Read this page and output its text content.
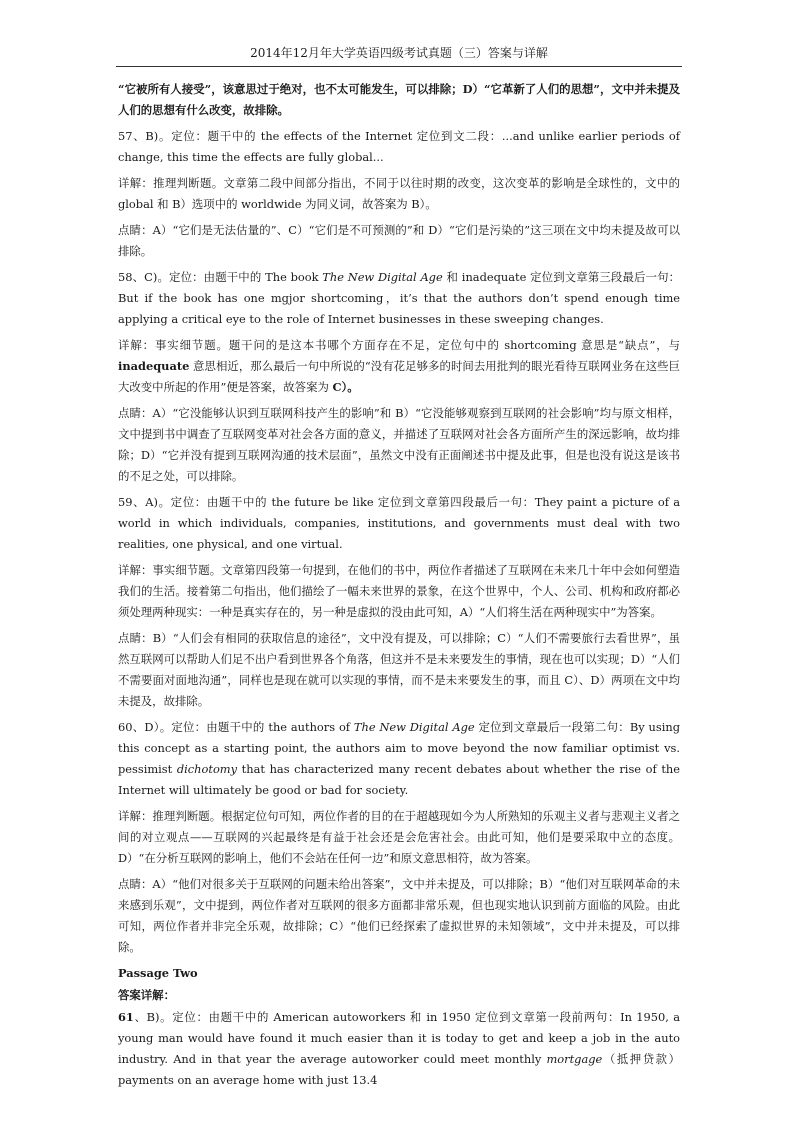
2014年12月年大学英语四级考试真题（三）答案与详解

“它被所有人接受”，该意思过于绝对，也不太可能发生，可以排除；D）“它革新了人们的思想”，文中并未提及人们的思想有什么改变，故排除。

57、B)。定位：题干中的 the effects of the Internet 定位到文二段：...and unlike earlier periods of change, this time the effects are fully global...

详解：推理判断题。文章第二段中间部分指出，不同于以往时期的改变，这次变革的影响是全球性的，文中的 global 和 B）选项中的 worldwide 为同义词，故答案为 B）。

点睛：A）“它们是无法估量的”、C）“它们是不可预测的”和 D）“它们是污染的”这三项在文中均未提及故可以排除。

58、C)。定位：由题干中的 The book The New Digital Age 和 inadequate 定位到文章第三段最后一句：But if the book has one mgjor shortcoming，it’s that the authors don’t spend enough time applying a critical eye to the role of Internet businesses in these sweeping changes.

详解：事实细节题。题干问的是这本书哪个方面存在不足，定位句中的 shortcoming 意思是“缺点”，与 inadequate 意思相近，那么最后一句中所说的“没有花足够多的时间去用批判的眼光看待互联网业务在这些巨大改变中所起的作用”便是答案，故答案为 C）。

点睛：A）“它没能够认识到互联网科技产生的影响”和 B）“它没能够观察到互联网的社会影响”均与原文相样，文中提到书中调查了互联网变革对社会各方面的意义，并描述了互联网对社会各方面所产生的深远影响，故均排除；D）“它并没有提到互联网沟通的技术层面”，虽然文中没有正面阐述书中提及此事，但是也没有说这是该书的不足之处，可以排除。

59、A)。定位：由题干中的 the future be like 定位到文章第四段最后一句：They paint a picture of a world in which individuals, companies, institutions, and governments must deal with two realities, one physical, and one virtual.

详解：事实细节题。文章第四段第一句提到，在他们的书中，两位作者描述了互联网在未来几十年中会如何塑造我们的生活。接着第二句指出，他们描绘了一幅未来世界的景象，在这个世界中，个人、公司、机构和政府都必须处理两种现实：一种是真实存在的，另一种是虚拟的没由此可知，A）“人们将生活在两种现实中”为答案。

点睛：B）“人们会有相同的获取信息的途径”，文中没有提及，可以排除；C）“人们不需要旅行去看世界”，虽然互联网可以帮助人们足不出户看到世界各个角落，但这并不是未来要发生的事情，现在也可以实现；D）“人们不需要面对面地沟通”，同样也是现在就可以实现的事情，而不是未来要发生的事，而且 C）、D）两项在文中均未提及，故排除。

60、D）。定位：由题干中的 the authors of The New Digital Age 定位到文章最后一段第二句：By using this concept as a starting point, the authors aim to move beyond the now familiar optimist vs. pessimist dichotomy that has characterized many recent debates about whether the rise of the Internet will ultimately be good or bad for society.

详解：推理判断题。根据定位句可知，两位作者的目的在于超越现如今为人所熟知的乐观主义者与悲观主义者之间的对立观点——互联网的兴起最终是有益于社会还是会危害社会。由此可知，他们是要采取中立的态度。D）“在分析互联网的影响上，他们不会站在任何一边”和原文意思相符，故为答案。

点睛：A）“他们对很多关于互联网的问题未给出答案”，文中并未提及，可以排除；B）“他们对互联网革命的未来感到乐观”，文中提到，两位作者对互联网的很多方面都非常乐观，但也现实地认识到前方面临的风险。由此可知，两位作者并非完全乐观，故排除；C）“他们已经探索了虚拟世界的未知领域”，文中并未提及，可以排除。

Passage Two
答案详解：

61、B)。定位：由题干中的 American autoworkers 和 in 1950 定位到文章第一段前两句：In 1950, a young man would have found it much easier than it is today to get and keep a job in the auto industry. And in that year the average autoworker could meet monthly mortgage（抵押贷款）payments on an average home with just 13.4
